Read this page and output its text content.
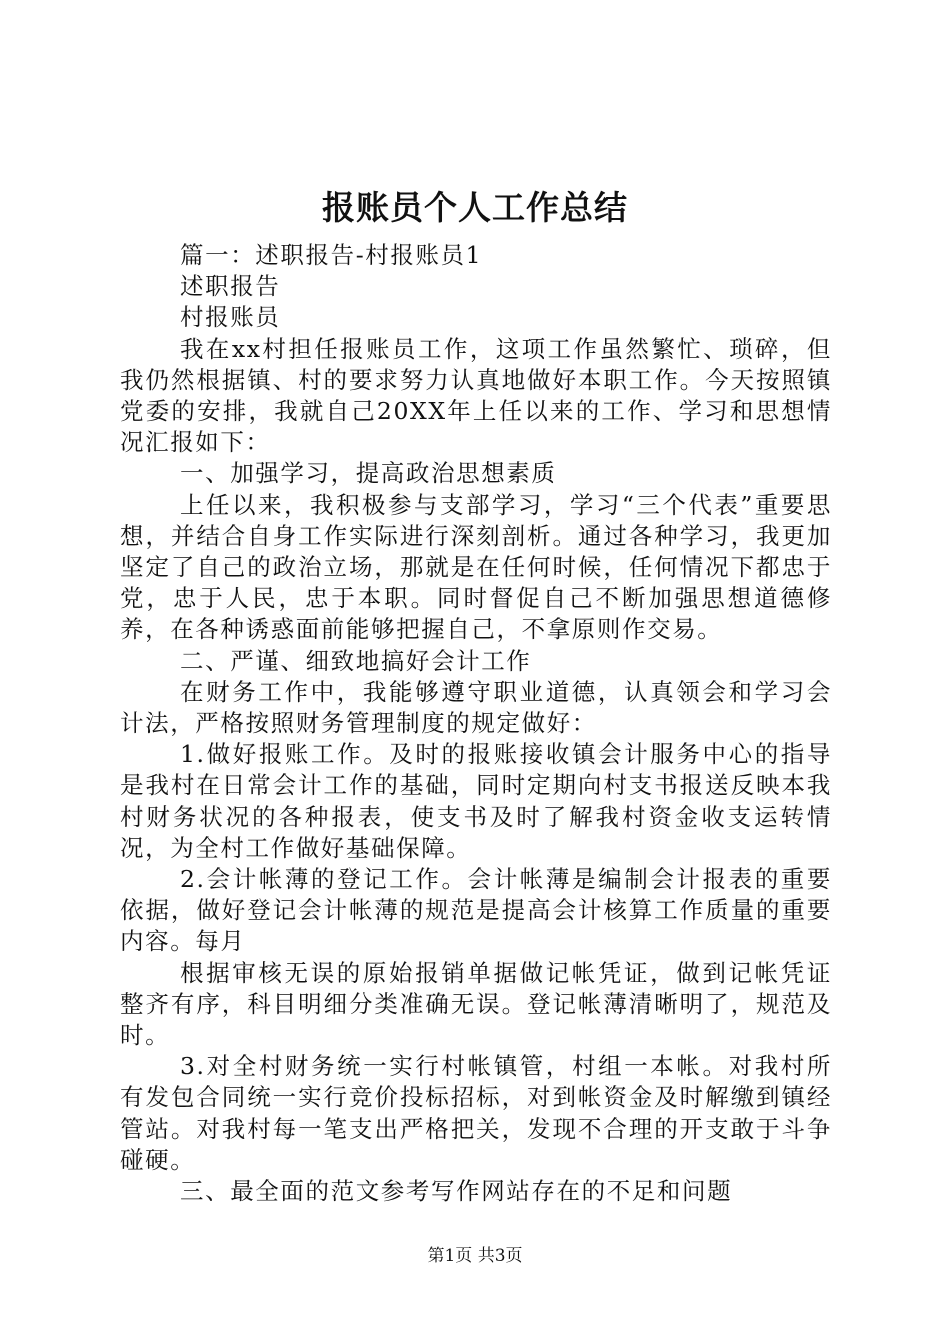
报账员个人工作总结

篇一：述职报告-村报账员1

述职报告

村报账员

我在xx村担任报账员工作，这项工作虽然繁忙、琐碎，但我仍然根据镇、村的要求努力认真地做好本职工作。今天按照镇党委的安排，我就自己20XX年上任以来的工作、学习和思想情况汇报如下：

一、加强学习，提高政治思想素质

上任以来，我积极参与支部学习，学习“三个代表”重要思想，并结合自身工作实际进行深刻剖析。通过各种学习，我更加坚定了自己的政治立场，那就是在任何时候，任何情况下都忠于党，忠于人民，忠于本职。同时督促自己不断加强思想道德修养，在各种诱惑面前能够把握自己，不拿原则作交易。

二、严谨、细致地搞好会计工作

在财务工作中，我能够遵守职业道德，认真领会和学习会计法，严格按照财务管理制度的规定做好：

1.做好报账工作。及时的报账接收镇会计服务中心的指导是我村在日常会计工作的基础，同时定期向村支书报送反映本我村财务状况的各种报表，使支书及时了解我村资金收支运转情况，为全村工作做好基础保障。

2.会计帐薄的登记工作。会计帐薄是编制会计报表的重要依据，做好登记会计帐薄的规范是提高会计核算工作质量的重要内容。每月

根据审核无误的原始报销单据做记帐凭证，做到记帐凭证整齐有序，科目明细分类准确无误。登记帐薄清晰明了，规范及时。

3.对全村财务统一实行村帐镇管，村组一本帐。对我村所有发包合同统一实行竞价投标招标，对到帐资金及时解缴到镇经管站。对我村每一笔支出严格把关，发现不合理的开支敢于斗争碰硬。

三、最全面的范文参考写作网站存在的不足和问题

第1页 共3页
